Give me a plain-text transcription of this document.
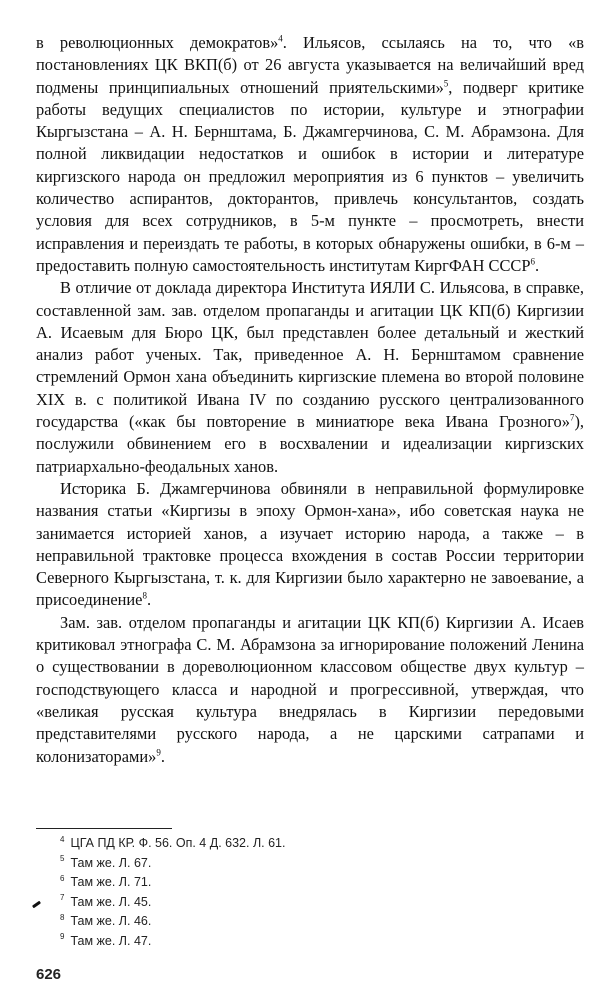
в революционных демократов»$^4$. Ильясов, ссылаясь на то, что «в постановлениях ЦК ВКП(б) от 26 августа указывается на величайший вред подмены принципиальных отношений приятельскими»$^5$, подверг критике работы ведущих специалистов по истории, культуре и этнографии Кыргызстана – А. Н. Бернштама, Б. Джамгерчинова, С. М. Абрамзона. Для полной ликвидации недостатков и ошибок в истории и литературе киргизского народа он предложил мероприятия из 6 пунктов – увеличить количество аспирантов, докторантов, привлечь консультантов, создать условия для всех сотрудников, в 5-м пункте – просмотреть, внести исправления и переиздать те работы, в которых обнаружены ошибки, в 6-м – предоставить полную самостоятельность институтам КиргФАН СССР$^6$.

В отличие от доклада директора Института ИЯЛИ С. Ильясова, в справке, составленной зам. зав. отделом пропаганды и агитации ЦК КП(б) Киргизии А. Исаевым для Бюро ЦК, был представлен более детальный и жесткий анализ работ ученых. Так, приведенное А. Н. Бернштамом сравнение стремлений Ормон хана объединить киргизские племена во второй половине XIX в. с политикой Ивана IV по созданию русского централизованного государства («как бы повторение в миниатюре века Ивана Грозного»$^7$), послужили обвинением его в восхвалении и идеализации киргизских патриархально-феодальных ханов.

Историка Б. Джамгерчинова обвиняли в неправильной формулировке названия статьи «Киргизы в эпоху Ормон-хана», ибо советская наука не занимается историей ханов, а изучает историю народа, а также – в неправильной трактовке процесса вхождения в состав России территории Северного Кыргызстана, т. к. для Киргизии было характерно не завоевание, а присоединение$^8$.

Зам. зав. отделом пропаганды и агитации ЦК КП(б) Киргизии А. Исаев критиковал этнографа С. М. Абрамзона за игнорирование положений Ленина о существовании в дореволюционном классовом обществе двух культур – господствующего класса и народной и прогрессивной, утверждая, что «великая русская культура внедрялась в Киргизии передовыми представителями русского народа, а не царскими сатрапами и колонизаторами»$^9$.

$^4$ ЦГА ПД КР. Ф. 56. Оп. 4 Д. 632. Л. 61.
$^5$ Там же. Л. 67.
$^6$ Там же. Л. 71.
$^7$ Там же. Л. 45.
$^8$ Там же. Л. 46.
$^9$ Там же. Л. 47.
626
